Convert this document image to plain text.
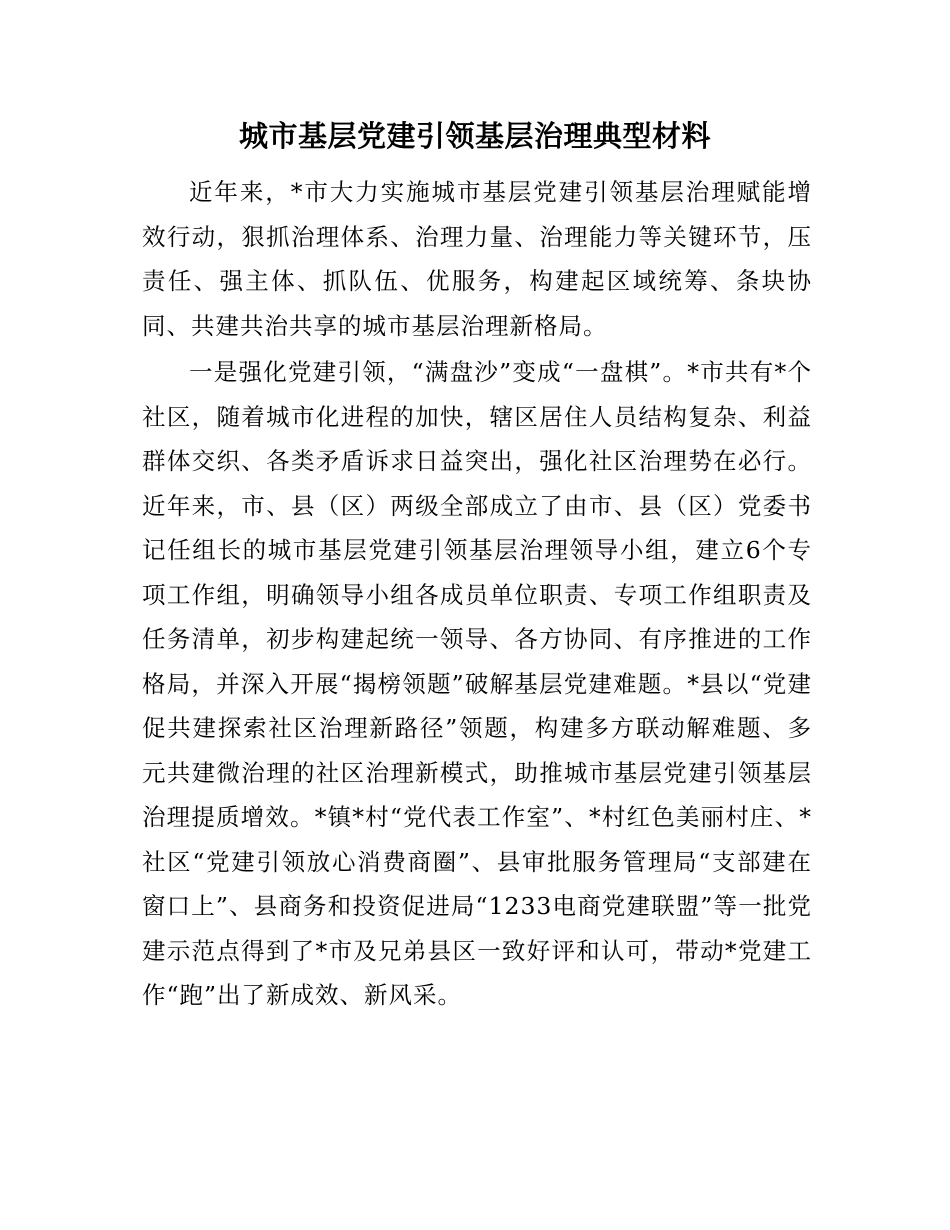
城市基层党建引领基层治理典型材料

近年来，*市大力实施城市基层党建引领基层治理赋能增效行动，狠抓治理体系、治理力量、治理能力等关键环节，压责任、强主体、抓队伍、优服务，构建起区域统筹、条块协同、共建共治共享的城市基层治理新格局。

一是强化党建引领，“满盘沙”变成“一盘棋”。*市共有*个社区，随着城市化进程的加快，辖区居住人员结构复杂、利益群体交织、各类矛盾诉求日益突出，强化社区治理势在必行。近年来，市、县（区）两级全部成立了由市、县（区）党委书记任组长的城市基层党建引领基层治理领导小组，建立6个专项工作组，明确领导小组各成员单位职责、专项工作组职责及任务清单，初步构建起统一领导、各方协同、有序推进的工作格局，并深入开展“揭榜领题”破解基层党建难题。*县以“党建促共建探索社区治理新路径”领题，构建多方联动解难题、多元共建微治理的社区治理新模式，助推城市基层党建引领基层治理提质增效。*镇*村“党代表工作室”、*村红色美丽村庄、*社区“党建引领放心消费商圈”、县审批服务管理局“支部建在窗口上”、县商务和投资促进局“1233电商党建联盟”等一批党建示范点得到了*市及兄弟县区一致好评和认可，带动*党建工作“跑”出了新成效、新风采。
